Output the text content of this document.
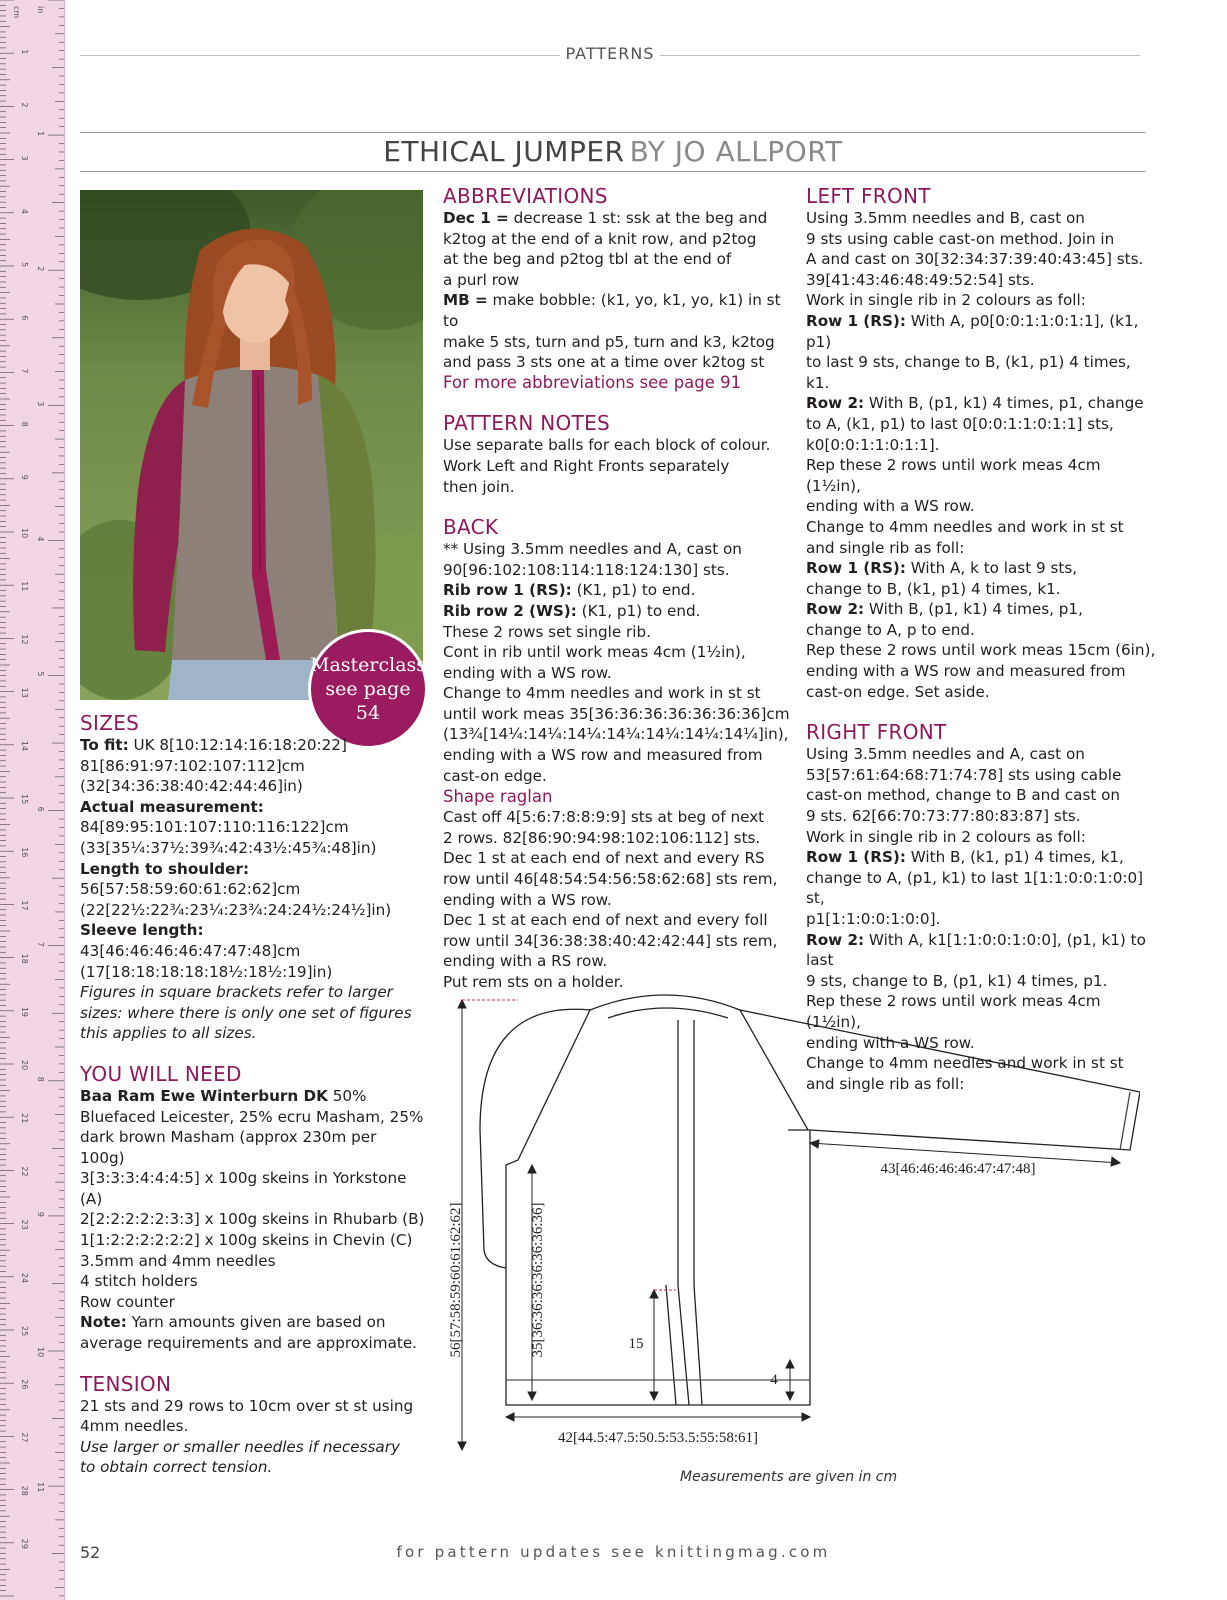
cm
1
2
3
4
5
6
7
8
9
10
11
12
13
14
15
16
17
18
19
20
21
22
23
24
25
26
27
28
29
in
1
2
3
4
5
6
7
8
9
10
11
PATTERNS
ETHICAL JUMPER BY JO ALLPORT
Masterclass
see page 54
SIZES

To fit: UK 8[10:12:14:16:18:20:22]

81[86:91:97:102:107:112]cm

(32[34:36:38:40:42:44:46]in)

Actual measurement:

84[89:95:101:107:110:116:122]cm

(33[35¼:37½:39¾:42:43½:45¾:48]in)

Length to shoulder:

56[57:58:59:60:61:62:62]cm

(22[22½:22¾:23¼:23¾:24:24½:24½]in)

Sleeve length: 43[46:46:46:46:47:47:48]cm

(17[18:18:18:18:18½:18½:19]in)

Figures in square brackets refer to larger

sizes: where there is only one set of figures

this applies to all sizes.

YOU WILL NEED

Baa Ram Ewe Winterburn DK 50%

Bluefaced Leicester, 25% ecru Masham, 25%

dark brown Masham (approx 230m per 100g)

3[3:3:3:4:4:4:5] x 100g skeins in Yorkstone (A)

2[2:2:2:2:2:3:3] x 100g skeins in Rhubarb (B)

1[1:2:2:2:2:2:2] x 100g skeins in Chevin (C)

3.5mm and 4mm needles

4 stitch holders

Row counter

Note: Yarn amounts given are based on

average requirements and are approximate.

TENSION

21 sts and 29 rows to 10cm over st st using

4mm needles.

Use larger or smaller needles if necessary

to obtain correct tension.

ABBREVIATIONS

Dec 1 = decrease 1 st: ssk at the beg and

k2tog at the end of a knit row, and p2tog

at the beg and p2tog tbl at the end of

a purl row

MB = make bobble: (k1, yo, k1, yo, k1) in st to

make 5 sts, turn and p5, turn and k3, k2tog

and pass 3 sts one at a time over k2tog st

For more abbreviations see page 91

PATTERN NOTES

Use separate balls for each block of colour.

Work Left and Right Fronts separately

then join.

BACK

** Using 3.5mm needles and A, cast on

90[96:102:108:114:118:124:130] sts.

Rib row 1 (RS): (K1, p1) to end.

Rib row 2 (WS): (K1, p1) to end.

These 2 rows set single rib.

Cont in rib until work meas 4cm (1½in),

ending with a WS row.

Change to 4mm needles and work in st st

until work meas 35[36:36:36:36:36:36:36]cm

(13¾[14¼:14¼:14¼:14¼:14¼:14¼:14¼]in),

ending with a WS row and measured from

cast-on edge.

Shape raglan

Cast off 4[5:6:7:8:8:9:9] sts at beg of next

2 rows. 82[86:90:94:98:102:106:112] sts.

Dec 1 st at each end of next and every RS

row until 46[48:54:54:56:58:62:68] sts rem,

ending with a WS row.

Dec 1 st at each end of next and every foll

row until 34[36:38:38:40:42:42:44] sts rem,

ending with a RS row.

Put rem sts on a holder.

LEFT FRONT

Using 3.5mm needles and B, cast on

9 sts using cable cast-on method. Join in

A and cast on 30[32:34:37:39:40:43:45] sts.

39[41:43:46:48:49:52:54] sts.

Work in single rib in 2 colours as foll:

Row 1 (RS): With A, p0[0:0:1:1:0:1:1], (k1, p1)

to last 9 sts, change to B, (k1, p1) 4 times, k1.

Row 2: With B, (p1, k1) 4 times, p1, change

to A, (k1, p1) to last 0[0:0:1:1:0:1:1] sts,

k0[0:0:1:1:0:1:1].

Rep these 2 rows until work meas 4cm (1½in),

ending with a WS row.

Change to 4mm needles and work in st st

and single rib as foll:

Row 1 (RS): With A, k to last 9 sts,

change to B, (k1, p1) 4 times, k1.

Row 2: With B, (p1, k1) 4 times, p1,

change to A, p to end.

Rep these 2 rows until work meas 15cm (6in),

ending with a WS row and measured from

cast-on edge. Set aside.

RIGHT FRONT

Using 3.5mm needles and A, cast on

53[57:61:64:68:71:74:78] sts using cable

cast-on method, change to B and cast on

9 sts. 62[66:70:73:77:80:83:87] sts.

Work in single rib in 2 colours as foll:

Row 1 (RS): With B, (k1, p1) 4 times, k1,

change to A, (p1, k1) to last 1[1:1:0:0:1:0:0] st,

p1[1:1:0:0:1:0:0].

Row 2: With A, k1[1:1:0:0:1:0:0], (p1, k1) to last

9 sts, change to B, (p1, k1) 4 times, p1.

Rep these 2 rows until work meas 4cm (1½in),

ending with a WS row.

Change to 4mm needles and work in st st

and single rib as foll:

56[57:58:59:60:61:62:62]	35[36:36:36:36:36:36:36]	15
4
42[44.5:47.5:50.5:53.5:55:58:61]
43[46:46:46:46:47:47:48]
Measurements are given in cm
52	for pattern updates see knittingmag.com
